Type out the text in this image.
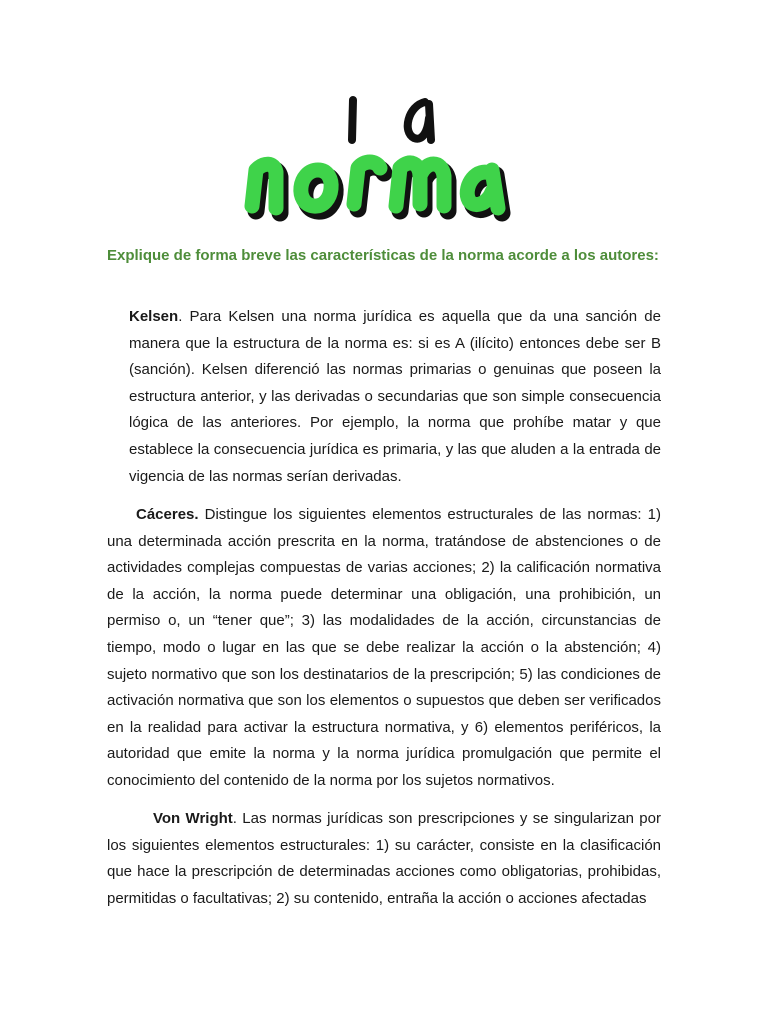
Explique de forma breve las características de la norma acorde a los autores:

Kelsen. Para Kelsen una norma jurídica es aquella que da una sanción de manera que la estructura de la norma es: si es A (ilícito) entonces debe ser B (sanción). Kelsen diferenció las normas primarias o genuinas que poseen la estructura anterior, y las derivadas o secundarias que son simple consecuencia lógica de las anteriores. Por ejemplo, la norma que prohíbe matar y que establece la consecuencia jurídica es primaria, y las que aluden a la entrada de vigencia de las normas serían derivadas.

Cáceres. Distingue los siguientes elementos estructurales de las normas: 1) una determinada acción prescrita en la norma, tratándose de abstenciones o de actividades complejas compuestas de varias acciones; 2) la calificación normativa de la acción, la norma puede determinar una obligación, una prohibición, un permiso o, un “tener que”; 3) las modalidades de la acción, circunstancias de tiempo, modo o lugar en las que se debe realizar la acción o la abstención; 4) sujeto normativo que son los destinatarios de la prescripción; 5) las condiciones de activación normativa que son los elementos o supuestos que deben ser verificados en la realidad para activar la estructura normativa, y 6) elementos periféricos, la autoridad que emite la norma y la norma jurídica promulgación que permite el conocimiento del contenido de la norma por los sujetos normativos.

Von Wright. Las normas jurídicas son prescripciones y se singularizan por los siguientes elementos estructurales: 1) su carácter, consiste en la clasificación que hace la prescripción de determinadas acciones como obligatorias, prohibidas, permitidas o facultativas; 2) su contenido, entraña la acción o acciones afectadas
